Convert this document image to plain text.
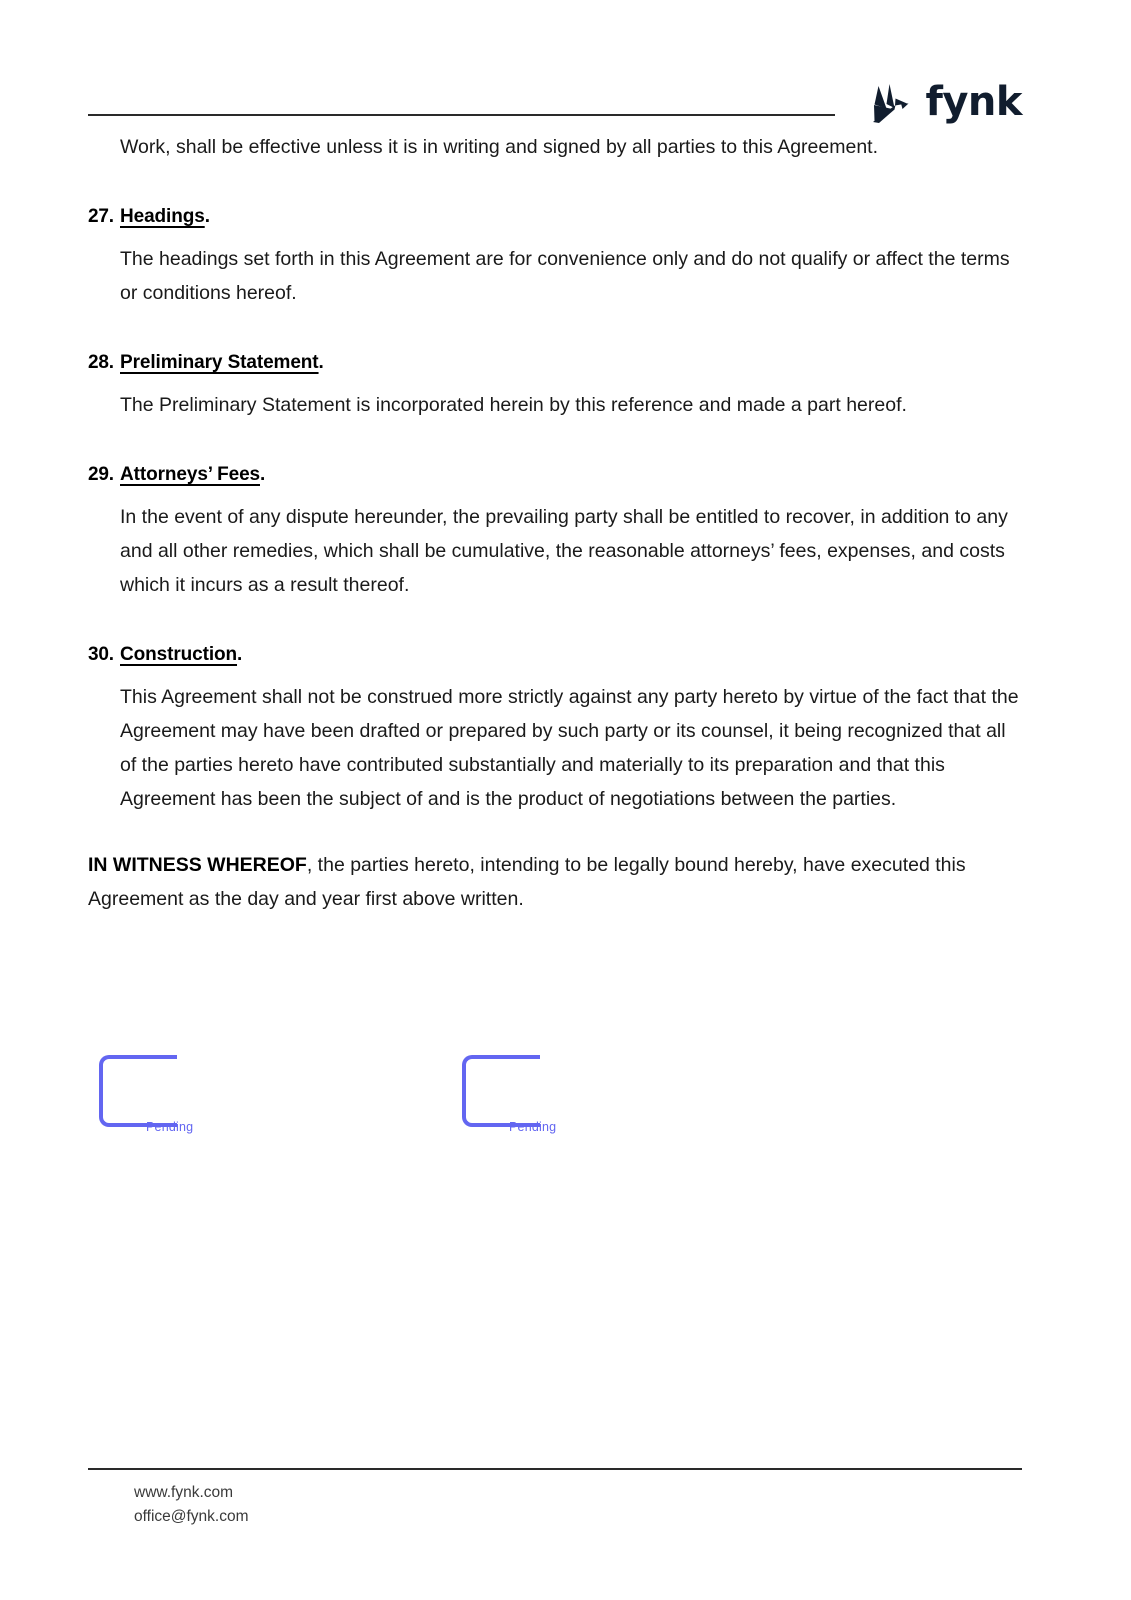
fynk

Work, shall be effective unless it is in writing and signed by all parties to this Agreement.

27. Headings.

The headings set forth in this Agreement are for convenience only and do not qualify or affect the terms or conditions hereof.

28. Preliminary Statement.

The Preliminary Statement is incorporated herein by this reference and made a part hereof.

29. Attorneys’ Fees.

In the event of any dispute hereunder, the prevailing party shall be entitled to recover, in addition to any and all other remedies, which shall be cumulative, the reasonable attorneys’ fees, expenses, and costs which it incurs as a result thereof.

30. Construction.

This Agreement shall not be construed more strictly against any party hereto by virtue of the fact that the Agreement may have been drafted or prepared by such party or its counsel, it being recognized that all of the parties hereto have contributed substantially and materially to its preparation and that this Agreement has been the subject of and is the product of negotiations between the parties.

IN WITNESS WHEREOF, the parties hereto, intending to be legally bound hereby, have executed this Agreement as the day and year first above written.

Pending	Pending
www.fynk.com
office@fynk.com
